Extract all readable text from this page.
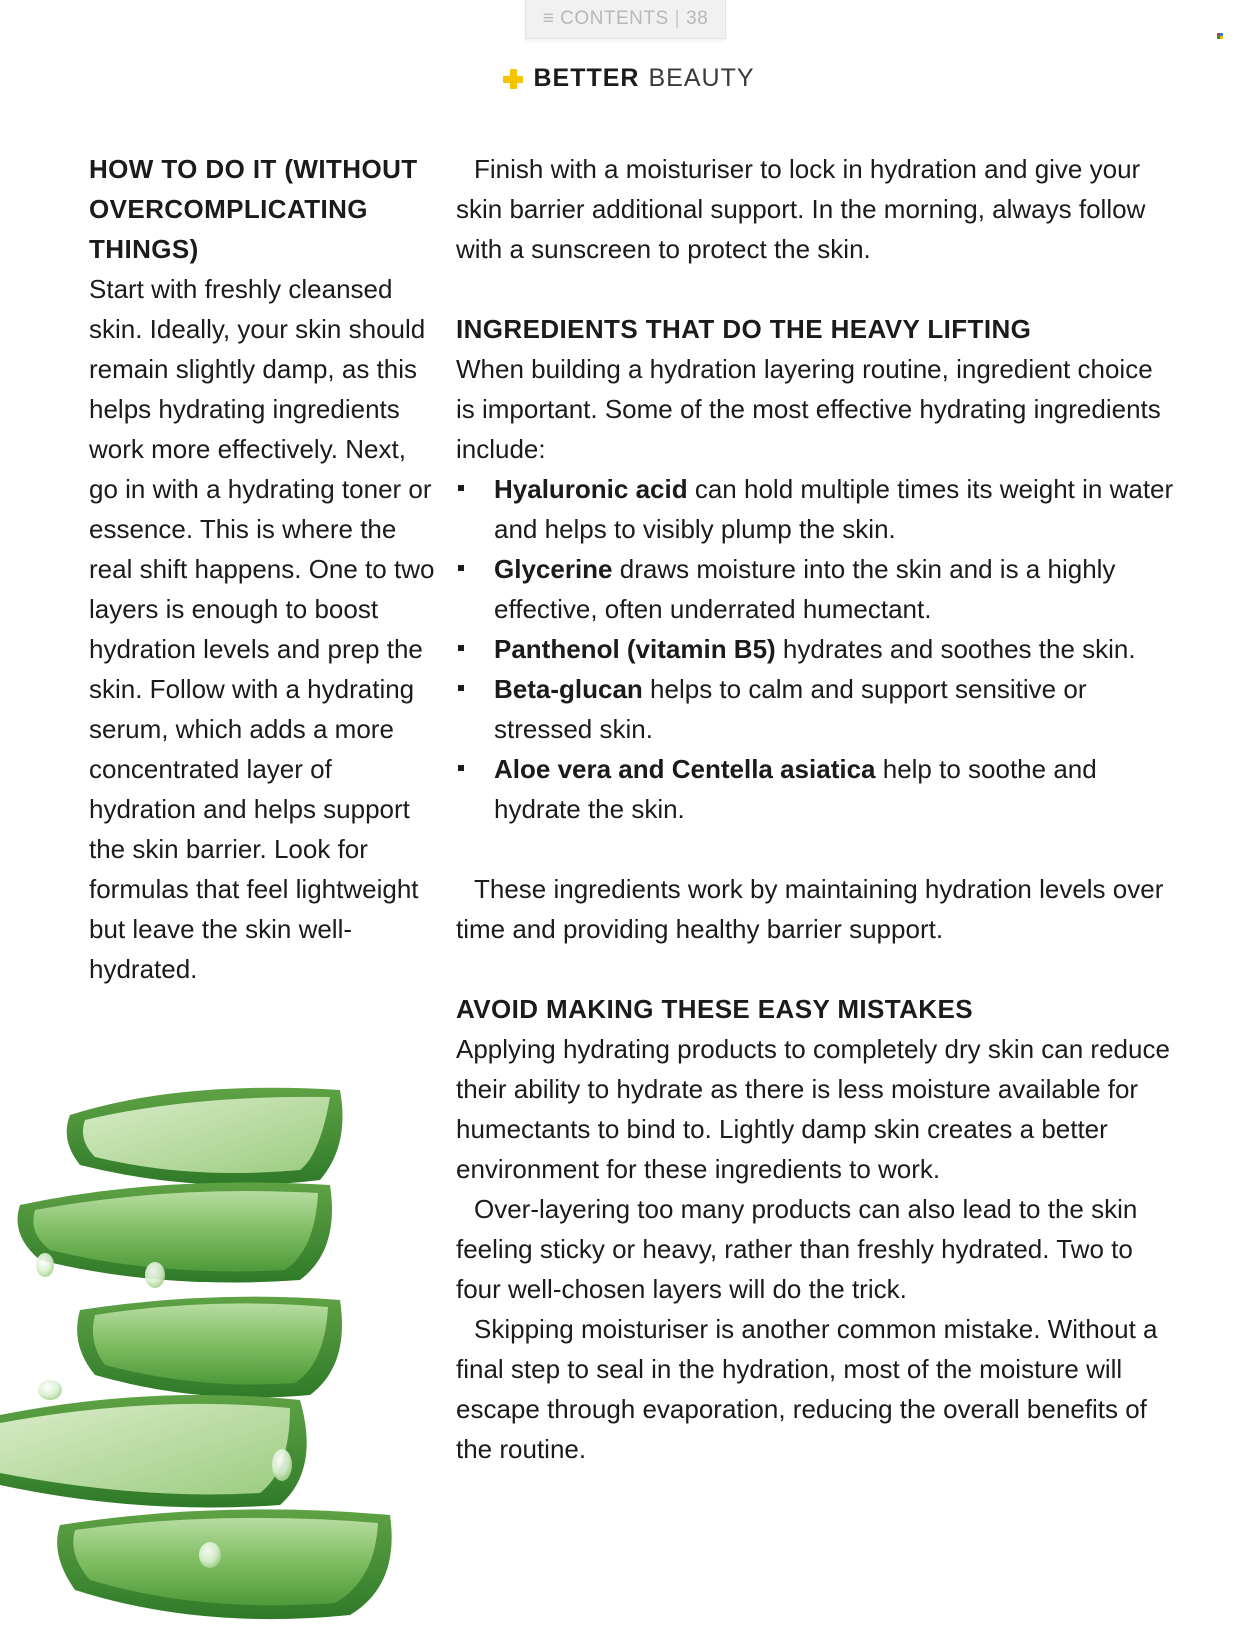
≡ CONTENTS | 38
BETTER BEAUTY
HOW TO DO IT (WITHOUT OVERCOMPLICATING THINGS)

Start with freshly cleansed skin. Ideally, your skin should remain slightly damp, as this helps hydrating ingredients work more effectively. Next, go in with a hydrating toner or essence. This is where the real shift happens. One to two layers is enough to boost hydration levels and prep the skin. Follow with a hydrating serum, which adds a more concentrated layer of hydration and helps support the skin barrier. Look for formulas that feel lightweight but leave the skin well-hydrated.

Finish with a moisturiser to lock in hydration and give your skin barrier additional support. In the morning, always follow with a sunscreen to protect the skin.

INGREDIENTS THAT DO THE HEAVY LIFTING

When building a hydration layering routine, ingredient choice is important. Some of the most effective hydrating ingredients include:

Hyaluronic acid can hold multiple times its weight in water and helps to visibly plump the skin.
Glycerine draws moisture into the skin and is a highly effective, often underrated humectant.
Panthenol (vitamin B5) hydrates and soothes the skin.
Beta-glucan helps to calm and support sensitive or stressed skin.
Aloe vera and Centella asiatica help to soothe and hydrate the skin.

These ingredients work by maintaining hydration levels over time and providing healthy barrier support.

AVOID MAKING THESE EASY MISTAKES

Applying hydrating products to completely dry skin can reduce their ability to hydrate as there is less moisture available for humectants to bind to. Lightly damp skin creates a better environment for these ingredients to work.

Over-layering too many products can also lead to the skin feeling sticky or heavy, rather than freshly hydrated. Two to four well-chosen layers will do the trick.

Skipping moisturiser is another common mistake. Without a final step to seal in the hydration, most of the moisture will escape through evaporation, reducing the overall benefits of the routine.
